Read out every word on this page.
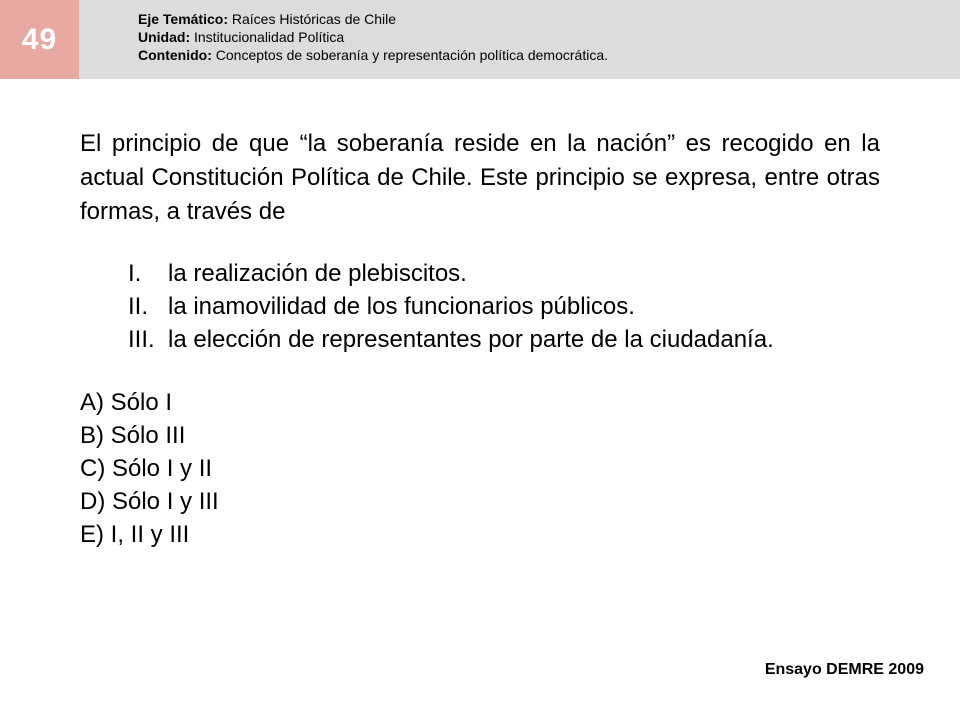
49
Eje Temático: Raíces Históricas de Chile
Unidad: Institucionalidad Política
Contenido: Conceptos de soberanía y representación política democrática.
El principio de que “la soberanía reside en la nación” es recogido en la actual Constitución Política de Chile. Este principio se expresa, entre otras formas, a través de
I.	la realización de plebiscitos.
II. la inamovilidad de los funcionarios públicos.
III. la elección de representantes por parte de la ciudadanía.
A) Sólo I
B) Sólo III
C) Sólo I y II
D) Sólo I y III
E) I, II y III
Ensayo DEMRE 2009
